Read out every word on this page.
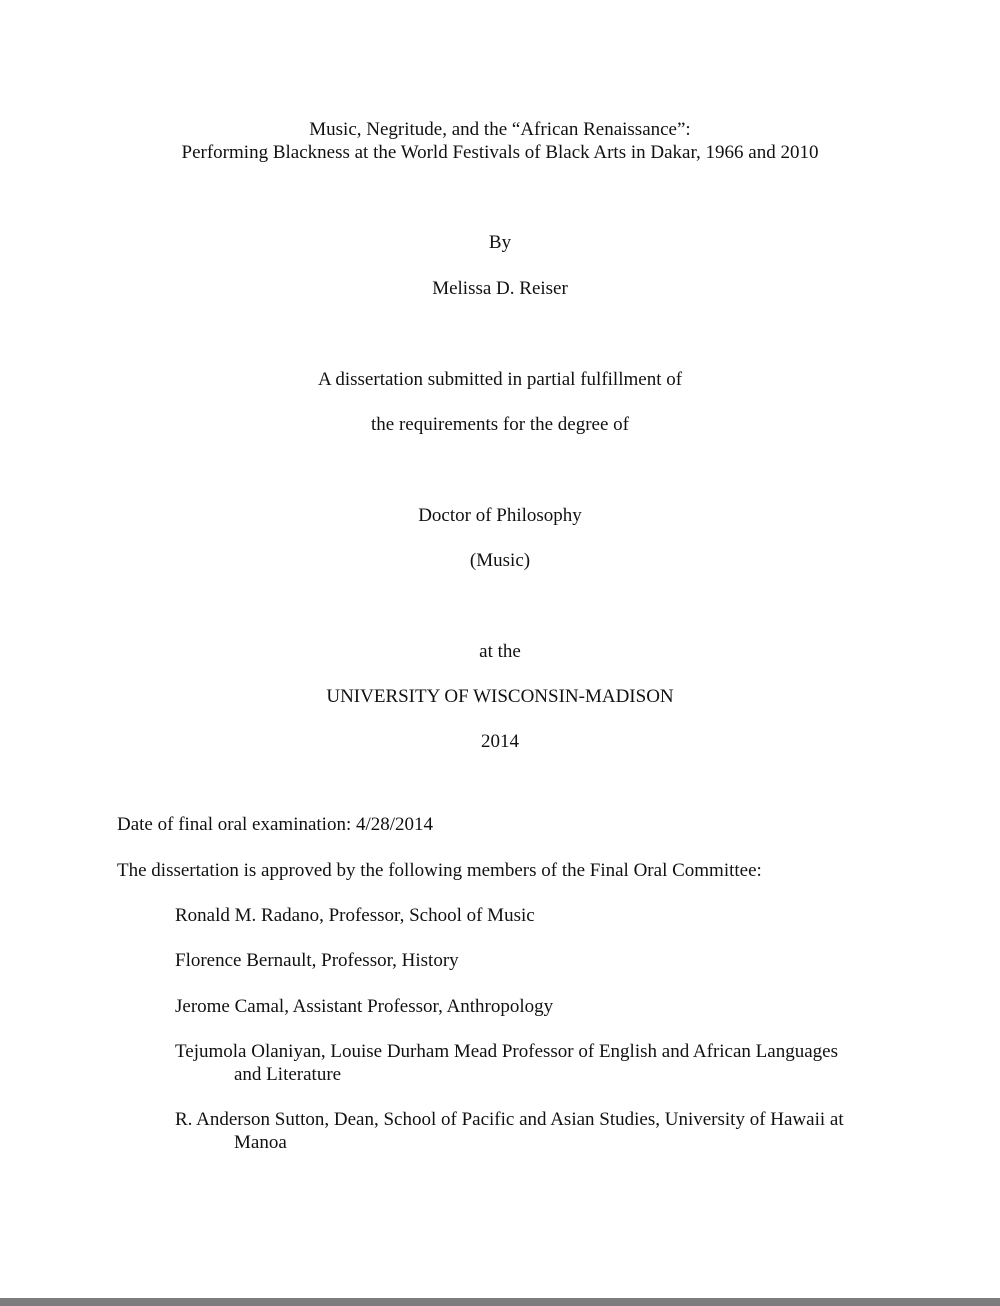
Music, Negritude, and the “African Renaissance”:
Performing Blackness at the World Festivals of Black Arts in Dakar, 1966 and 2010
By
Melissa D. Reiser
A dissertation submitted in partial fulfillment of
the requirements for the degree of
Doctor of Philosophy
(Music)
at the
UNIVERSITY OF WISCONSIN-MADISON
2014
Date of final oral examination: 4/28/2014
The dissertation is approved by the following members of the Final Oral Committee:
Ronald M. Radano, Professor, School of Music
Florence Bernault, Professor, History
Jerome Camal, Assistant Professor, Anthropology
Tejumola Olaniyan, Louise Durham Mead Professor of English and African Languages
and Literature
R. Anderson Sutton, Dean, School of Pacific and Asian Studies, University of Hawaii at
Manoa
